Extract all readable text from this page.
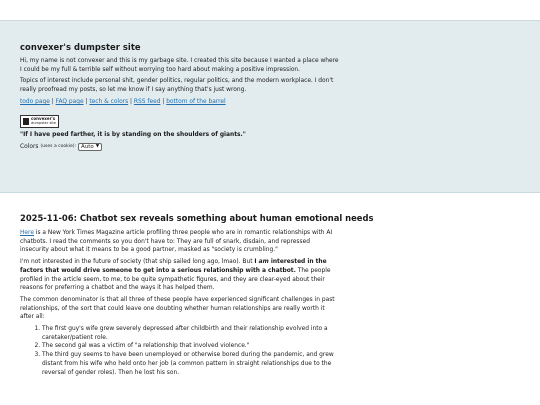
convexer's dumpster site

Hi, my name is not convexer and this is my garbage site. I created this site because I wanted a place where I could be my full & terrible self without worrying too hard about making a positive impression.

Topics of interest include personal shit, gender politics, regular politics, and the modern workplace. I don't really proofread my posts, so let me know if I say anything that's just wrong.

todo page | FAQ page | tech & colors | RSS feed | bottom of the barrel
convexer's
dumpster site

"If I have peed farther, it is by standing on the shoulders of giants."

Colors (uses a cookie): Auto ▼
2025-11-06: Chatbot sex reveals something about human emotional needs

Here is a New York Times Magazine article profiling three people who are in romantic relationships with AI chatbots. I read the comments so you don't have to: They are full of snark, disdain, and repressed insecurity about what it means to be a good partner, masked as "society is crumbling."

I'm not interested in the future of society (that ship sailed long ago, lmao). But I am interested in the factors that would drive someone to get into a serious relationship with a chatbot. The people profiled in the article seem, to me, to be quite sympathetic figures, and they are clear-eyed about their reasons for preferring a chatbot and the ways it has helped them.

The common denominator is that all three of these people have experienced significant challenges in past relationships, of the sort that could leave one doubting whether human relationships are really worth it after all:

1. The first guy's wife grew severely depressed after childbirth and their relationship evolved into a caretaker/patient role.
2. The second gal was a victim of "a relationship that involved violence."
3. The third guy seems to have been unemployed or otherwise bored during the pandemic, and grew distant from his wife who held onto her job (a common pattern in straight relationships due to the reversal of gender roles). Then he lost his son.
